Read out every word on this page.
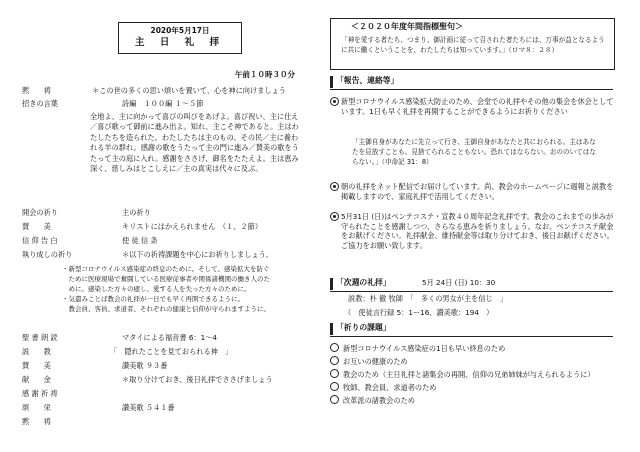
2020年5月17日
主 日 礼 拝
午前１０時３０分
黙　　祷	＊この世の多くの思い煩いを置いて、心を神に向けましょう
招きの言葉	詩編　１００編 １～５節
全地よ、主に向かって喜びの叫びをあげよ。喜び祝い、主に仕え／喜び歌って御前に進み出よ。知れ、主こそ神であると。主はわたしたちを造られた。わたしたちは主のもの、その民／主に養われる羊の群れ。感謝の歌をうたって主の門に進み／賛美の歌をうたって主の庭に入れ。感謝をささげ、御名をたたえよ。主は恵み深く、慈しみはとこしえに／主の真実は代々に及ぶ。
開会の祈り	主の祈り
賛　　美	キリストにはかえられません　（１、２節）
信 仰 告 白	使 徒 信 条
執り成しの祈り	＊以下の祈祷課題を中心にお祈りしましょう。
・新型コロナウイルス感染症の終息のために。そして、感染拡大を防ぐ
　ために医療現場で奮闘している医療従事者や関係諸機関の働き人のた
　めに。感染した方々の癒し、愛する人を失った方々のために。
・気遣みことば教会の礼拝が一日でも早く再開できるように。
　教会員、客員、求道者、それぞれの健康と信仰が守られますように。
聖 書 朗 読	マタイによる福音書 6：1～4
説　　教	「　隠れたことを見ておられる神　」
賛　　美	讃美歌 ９３番
献　　金	＊取り分けておき、後日礼拝でささげましょう
感 謝 祈 祷
頌　　栄	讃美歌 ５４１番
黙　　祷
＜２０２０年度年間指標聖句＞
「神を愛する者たち、つまり、御計画に従って召された者たちには、万事が益となるように共に働くということを、わたしたちは知っています。」（ロマ８：２８）
「報告、連絡等」
新型コロナウイルス感染拡大防止のため、会堂での礼拝やその他の集会を休会としています。1日も早く礼拝を再開することができるようにお祈りください
「主御自身があなたに先立って行き、主御自身があなたと共におられる。主はあなたを見放すことも、見捨てられることもない。恐れてはならない。おののいてはならない。」（申命記 31：8）
朝の礼拝をネット配信でお届けしています。尚、教会のホームページに週報と説教を掲載しますので、家庭礼拝で活用してください。
5月31日 (日)はペンテコステ・宣教４０周年記念礼拝です。教会のこれまでの歩みが守られたことを感謝しつつ、さらなる恵みを祈りましょう。なお、ペンテコステ献金をお献げください。礼拝献金、維持献金等は取り分けておき、後日お献げください。ご協力をお願い致します。
「次週の礼拝」	5月 24日 (日) 10：30
説教：朴 徹 牧師　「　多くの男女が主を信じ　」
（　使徒言行録 5：1ー16、讃美歌：194　）
「祈りの課題」
新型コロナウイルス感染症の1日も早い終息のため
お互いの健康のため
教会のため（主日礼拝と諸集会の再開、信仰の兄弟姉妹が与えられるように）
牧師、教会員、求道者のため
改革派の諸教会のため
